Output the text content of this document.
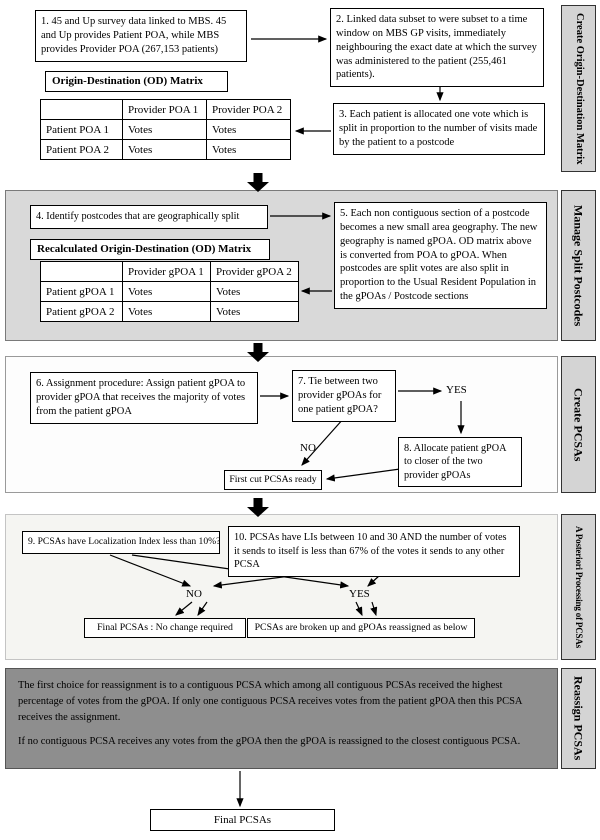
1. 45 and Up survey data linked to MBS. 45 and Up provides Patient POA, while MBS provides Provider POA (267,153 patients)
2. Linked data subset to were subset to a time window on MBS GP visits, immediately neighbouring the exact date at which the survey was administered to the patient (255,461 patients).
Origin-Destination (OD) Matrix
	Provider POA 1	Provider POA 2
Patient POA 1	Votes	Votes
Patient POA 2	Votes	Votes
3. Each patient is allocated one vote which is split in proportion to the number of visits made by the patient to a postcode
4. Identify postcodes that are geographically split	5. Each non contiguous section of a postcode becomes a new small area geography. The new geography is named gPOA. OD matrix above is converted from POA to gPOA. When postcodes are split votes are also split in proportion to the Usual Resident Population in the gPOAs / Postcode sections
Recalculated Origin-Destination (OD) Matrix
	Provider gPOA 1	Provider gPOA 2
Patient gPOA 1	Votes	Votes
Patient gPOA 2	Votes	Votes
6. Assignment procedure: Assign patient gPOA to provider gPOA that receives the majority of votes from the patient gPOA
7. Tie between two provider gPOAs for one patient gPOA?
YES
NO	8. Allocate patient gPOA to closer of the two provider gPOAs
First cut PCSAs ready
9. PCSAs have Localization Index less than 10%?	10. PCSAs have LIs between 10 and 30 AND the number of votes it sends to itself is less than 67% of the votes it sends to any other PCSA
NO	YES
Final PCSAs : No change required	PCSAs are broken up and gPOAs reassigned as below

The first choice for reassignment is to a contiguous PCSA which among all contiguous PCSAs received the highest percentage of votes from the gPOA. If only one contiguous PCSA receives votes from the patient gPOA then this PCSA receives the assignment.

If no contiguous PCSA receives any votes from the gPOA then the gPOA is reassigned to the closest contiguous PCSA.

Final PCSAs
Create Origin-Destination Matrix
Manage Split Postcodes
Create PCSAs
A Posteriori Processing of PCSAs
Reassign PCSAs
